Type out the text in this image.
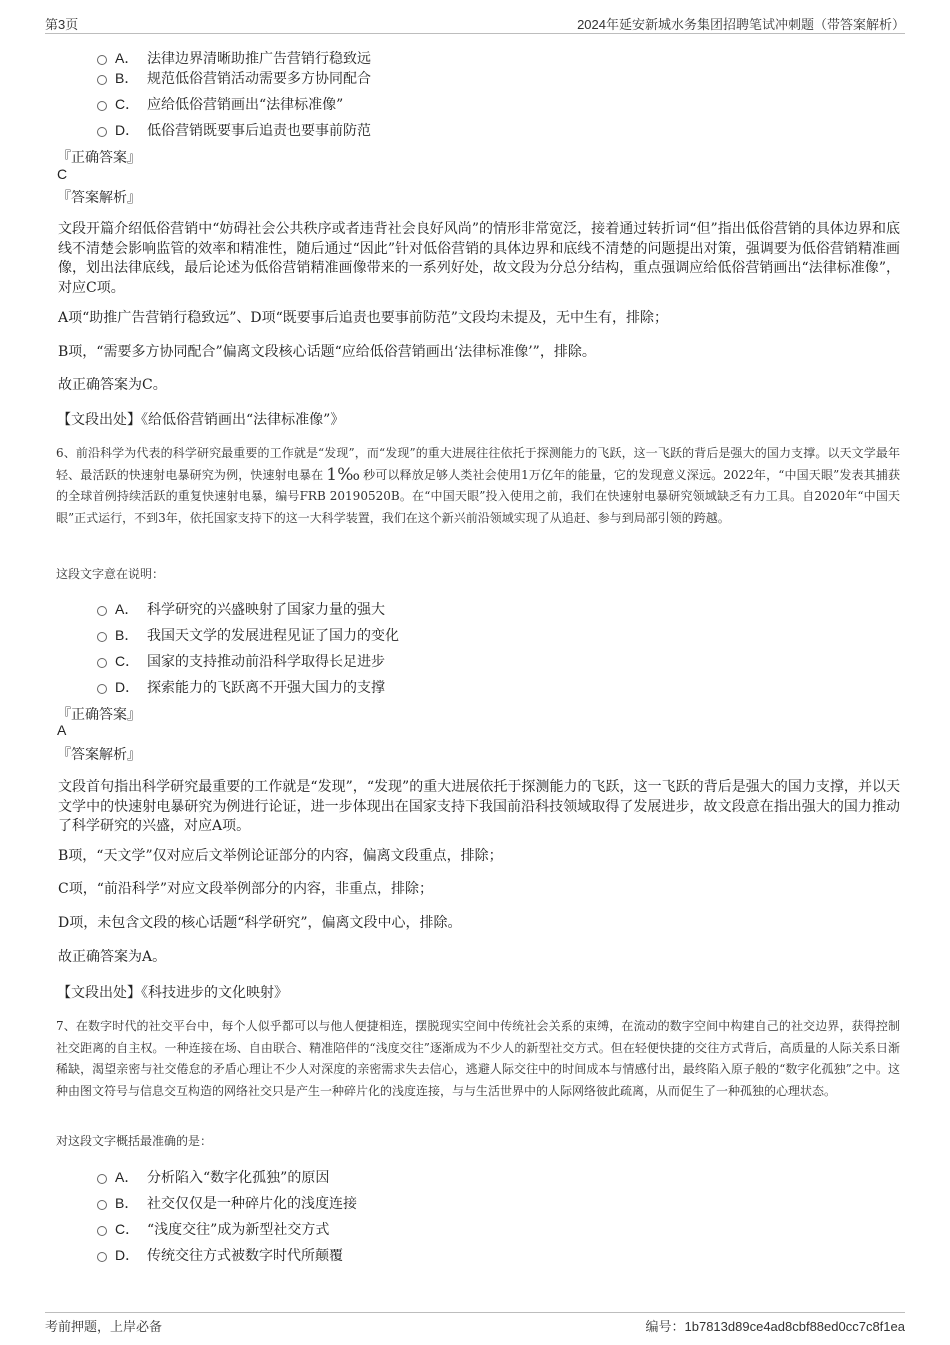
第3页	2024年延安新城水务集团招聘笔试冲刺题（带答案解析）
A． 法律边界清晰助推广告营销行稳致远
B． 规范低俗营销活动需要多方协同配合
C． 应给低俗营销画出“法律标准像”
D． 低俗营销既要事后追责也要事前防范
『正确答案』
C
『答案解析』
文段开篇介绍低俗营销中“妨碍社会公共秩序或者违背社会良好风尚”的情形非常宽泛，接着通过转折词“但”指出低俗营销的具体边界和底线不清楚会影响监管的效率和精准性，随后通过“因此”针对低俗营销的具体边界和底线不清楚的问题提出对策，强调要为低俗营销精准画像，划出法律底线，最后论述为低俗营销精准画像带来的一系列好处，故文段为分总分结构，重点强调应给低俗营销画出“法律标准像”，对应C项。
A项“助推广告营销行稳致远”、D项“既要事后追责也要事前防范”文段均未提及，无中生有，排除；
B项，“需要多方协同配合”偏离文段核心话题“应给低俗营销画出‘法律标准像’”，排除。
故正确答案为C。
【文段出处】《给低俗营销画出“法律标准像”》
6、前沿科学为代表的科学研究最重要的工作就是“发现”，而“发现”的重大进展往往依托于探测能力的飞跃，这一飞跃的背后是强大的国力支撑。以天文学最年轻、最活跃的快速射电暴研究为例，快速射电暴在 1‰ 秒可以释放足够人类社会使用1万亿年的能量，它的发现意义深远。2022年，“中国天眼”发表其捕获的全球首例持续活跃的重复快速射电暴，编号FRB 20190520B。在“中国天眼”投入使用之前，我们在快速射电暴研究领域缺乏有力工具。自2020年“中国天眼”正式运行，不到3年，依托国家支持下的这一大科学装置，我们在这个新兴前沿领域实现了从追赶、参与到局部引领的跨越。
这段文字意在说明：
A． 科学研究的兴盛映射了国家力量的强大
B． 我国天文学的发展进程见证了国力的变化
C． 国家的支持推动前沿科学取得长足进步
D． 探索能力的飞跃离不开强大国力的支撑
『正确答案』
A
『答案解析』
文段首句指出科学研究最重要的工作就是“发现”，“发现”的重大进展依托于探测能力的飞跃，这一飞跃的背后是强大的国力支撑，并以天文学中的快速射电暴研究为例进行论证，进一步体现出在国家支持下我国前沿科技领域取得了发展进步，故文段意在指出强大的国力推动了科学研究的兴盛，对应A项。
B项，“天文学”仅对应后文举例论证部分的内容，偏离文段重点，排除；
C项，“前沿科学”对应文段举例部分的内容，非重点，排除；
D项，未包含文段的核心话题“科学研究”，偏离文段中心，排除。
故正确答案为A。
【文段出处】《科技进步的文化映射》
7、在数字时代的社交平台中，每个人似乎都可以与他人便捷相连，摆脱现实空间中传统社会关系的束缚，在流动的数字空间中构建自己的社交边界，获得控制社交距离的自主权。一种连接在场、自由联合、精准陪伴的“浅度交往”逐渐成为不少人的新型社交方式。但在轻便快捷的交往方式背后，高质量的人际关系日渐稀缺，渴望亲密与社交倦怠的矛盾心理让不少人对深度的亲密需求失去信心，逃避人际交往中的时间成本与情感付出，最终陷入原子般的“数字化孤独”之中。这种由图文符号与信息交互构造的网络社交只是产生一种碎片化的浅度连接，与与生活世界中的人际网络彼此疏离，从而促生了一种孤独的心理状态。
对这段文字概括最准确的是：
A． 分析陷入“数字化孤独”的原因
B． 社交仅仅是一种碎片化的浅度连接
C． “浅度交往”成为新型社交方式
D． 传统交往方式被数字时代所颠覆
考前押题，上岸必备	编号：1b7813d89ce4ad8cbf88ed0cc7c8f1ea
